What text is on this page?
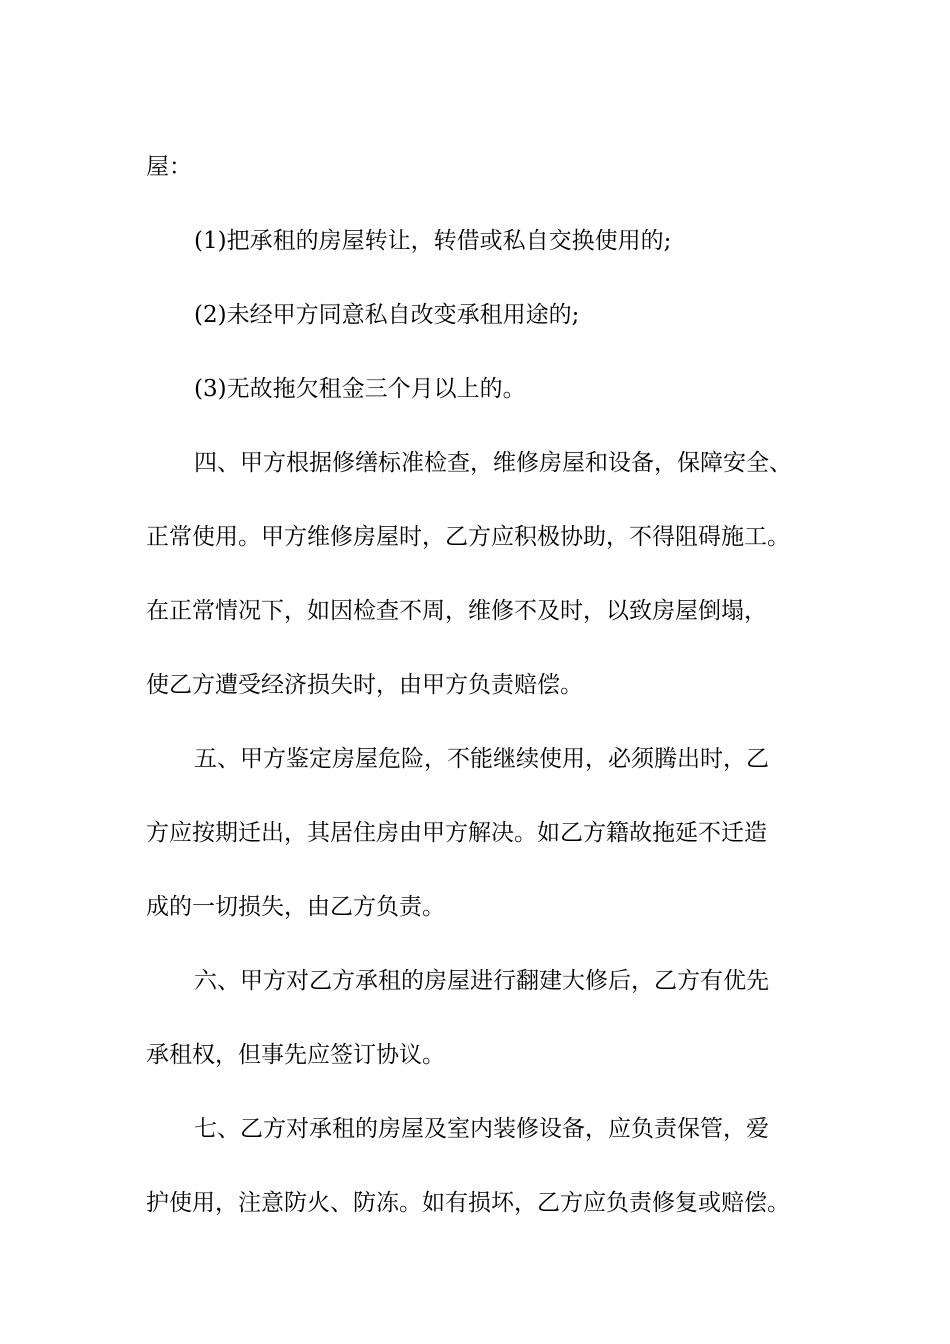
屋：
(1)把承租的房屋转让，转借或私自交换使用的;
(2)未经甲方同意私自改变承租用途的;
(3)无故拖欠租金三个月以上的。
四、甲方根据修缮标准检查，维修房屋和设备，保障安全、
正常使用。甲方维修房屋时，乙方应积极协助，不得阻碍施工。
在正常情况下，如因检查不周，维修不及时，以致房屋倒塌，
使乙方遭受经济损失时，由甲方负责赔偿。
五、甲方鉴定房屋危险，不能继续使用，必须腾出时，乙
方应按期迁出，其居住房由甲方解决。如乙方籍故拖延不迁造
成的一切损失，由乙方负责。
六、甲方对乙方承租的房屋进行翻建大修后，乙方有优先
承租权，但事先应签订协议。
七、乙方对承租的房屋及室内装修设备，应负责保管，爱
护使用，注意防火、防冻。如有损坏，乙方应负责修复或赔偿。
